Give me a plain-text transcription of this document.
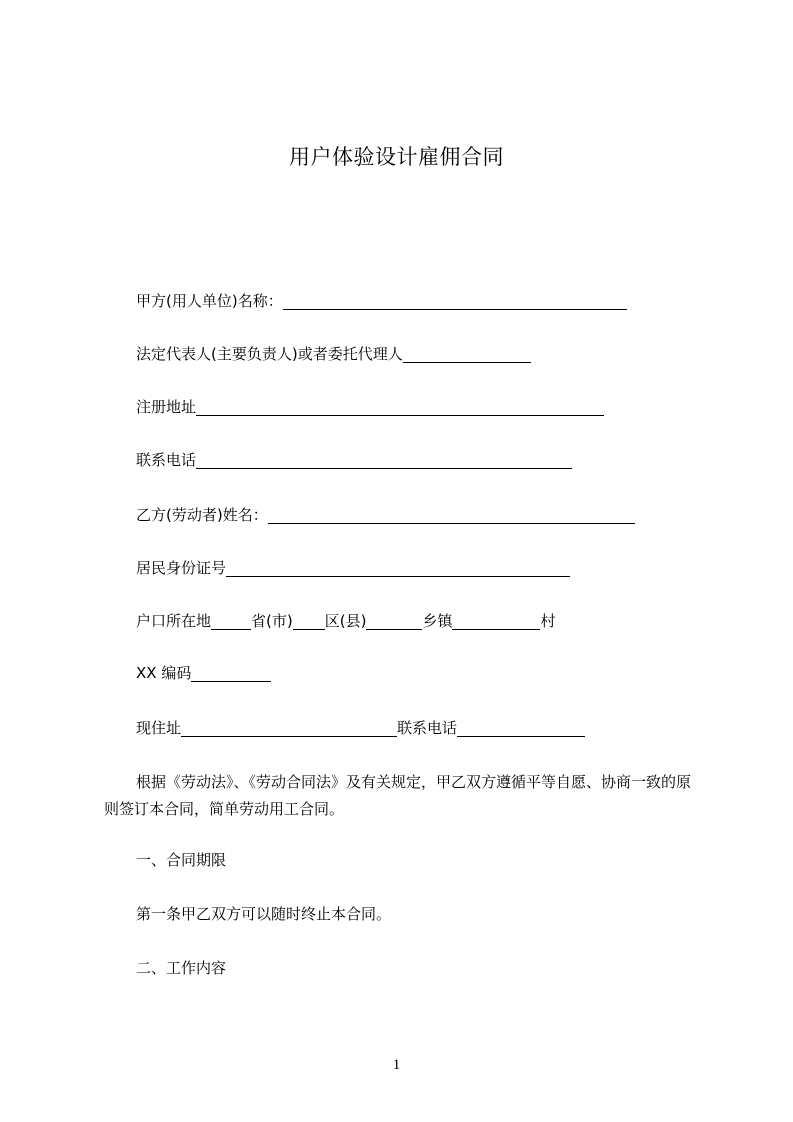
用户体验设计雇佣合同
甲方(用人单位)名称：
法定代表人(主要负责人)或者委托代理人
注册地址
联系电话
乙方(劳动者)姓名：
居民身份证号
户口所在地	省(市) 区(县)	乡镇	村
XX 编码
现住址	联系电话
根据《劳动法》、《劳动合同法》及有关规定，甲乙双方遵循平等自愿、协商一致的原则签订本合同，简单劳动用工合同。
一、合同期限
第一条甲乙双方可以随时终止本合同。
二、工作内容
1
